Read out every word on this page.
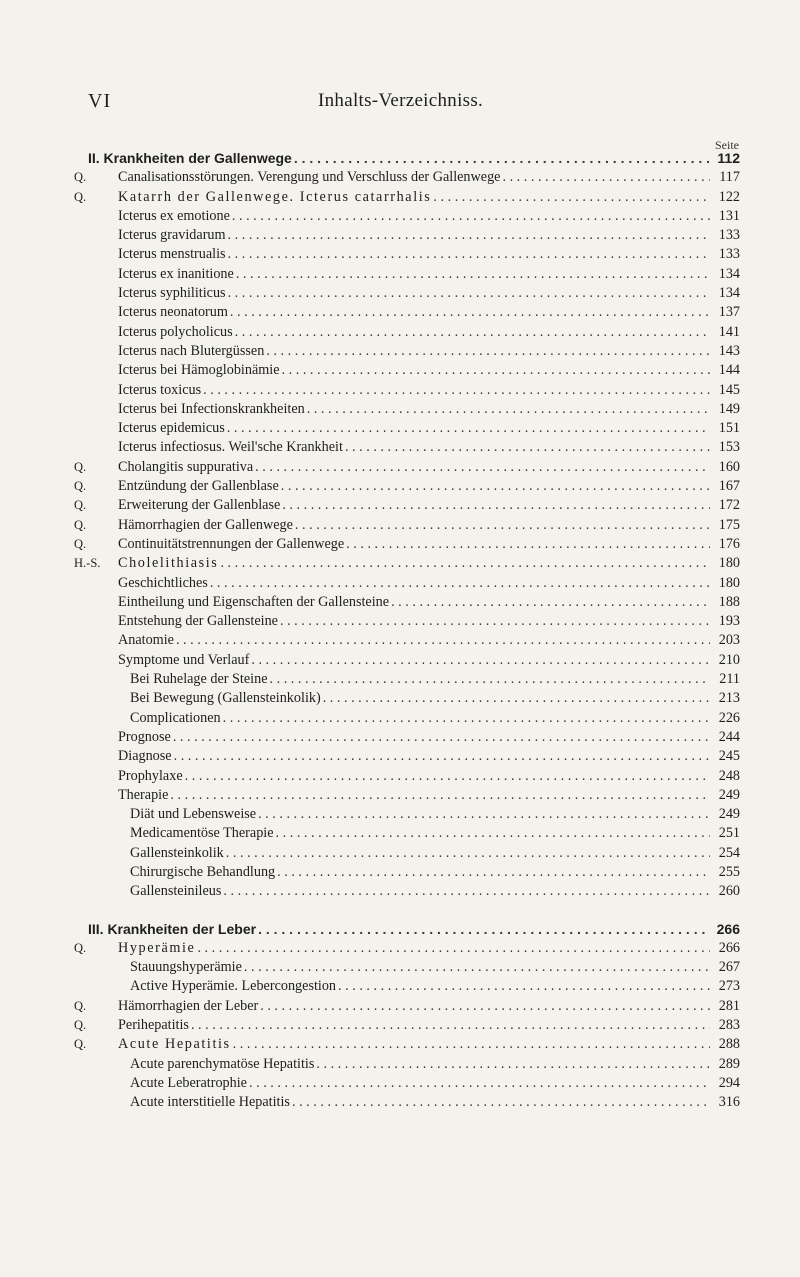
VI	Inhalts-Verzeichniss.
Seite
II. Krankheiten der Gallenwege . . .	112
Q.	Canalisationsstörungen. Verengung und Verschluss der Gallenwege . . .	117
Q.	Katarrh der Gallenwege. Icterus catarrhalis . . .	122
Icterus ex emotione . . .	131
Icterus gravidarum . . .	133
Icterus menstrualis . . .	133
Icterus ex inanitione . . .	134
Icterus syphiliticus . . .	134
Icterus neonatorum . . .	137
Icterus polycholicus . . .	141
Icterus nach Blutergüssen . . .	143
Icterus bei Hämoglobinämie . . .	144
Icterus toxicus . . .	145
Icterus bei Infectionskrankheiten . . .	149
Icterus epidemicus . . .	151
Icterus infectiosus. Weil'sche Krankheit . . .	153
Q.	Cholangitis suppurativa . . .	160
Q.	Entzündung der Gallenblase . . .	167
Q.	Erweiterung der Gallenblase . . .	172
Q.	Hämorrhagien der Gallenwege . . .	175
Q.	Continuitätstrennungen der Gallenwege . . .	176
H.-S.	Cholelithiasis . . .	180
Geschichtliches . . .	180
Eintheilung und Eigenschaften der Gallensteine . . .	188
Entstehung der Gallensteine . . .	193
Anatomie . . .	203
Symptome und Verlauf . . .	210
Bei Ruhelage der Steine . . .	211
Bei Bewegung (Gallensteinkolik) . . .	213
Complicationen . . .	226
Prognose . . .	244
Diagnose . . .	245
Prophylaxe . . .	248
Therapie . . .	249
Diät und Lebensweise . . .	249
Medicamentöse Therapie . . .	251
Gallensteinkolik . . .	254
Chirurgische Behandlung . . .	255
Gallensteinileus . . .	260
III. Krankheiten der Leber . . .	266
Q.	Hyperämie . . .	266
Stauungshyperämie . . .	267
Active Hyperämie. Lebercongestion . . .	273
Q.	Hämorrhagien der Leber . . .	281
Q.	Perihepatitis . . .	283
Q.	Acute Hepatitis . . .	288
Acute parenchymatöse Hepatitis . . .	289
Acute Leberatrophie . . .	294
Acute interstitielle Hepatitis . . .	316
